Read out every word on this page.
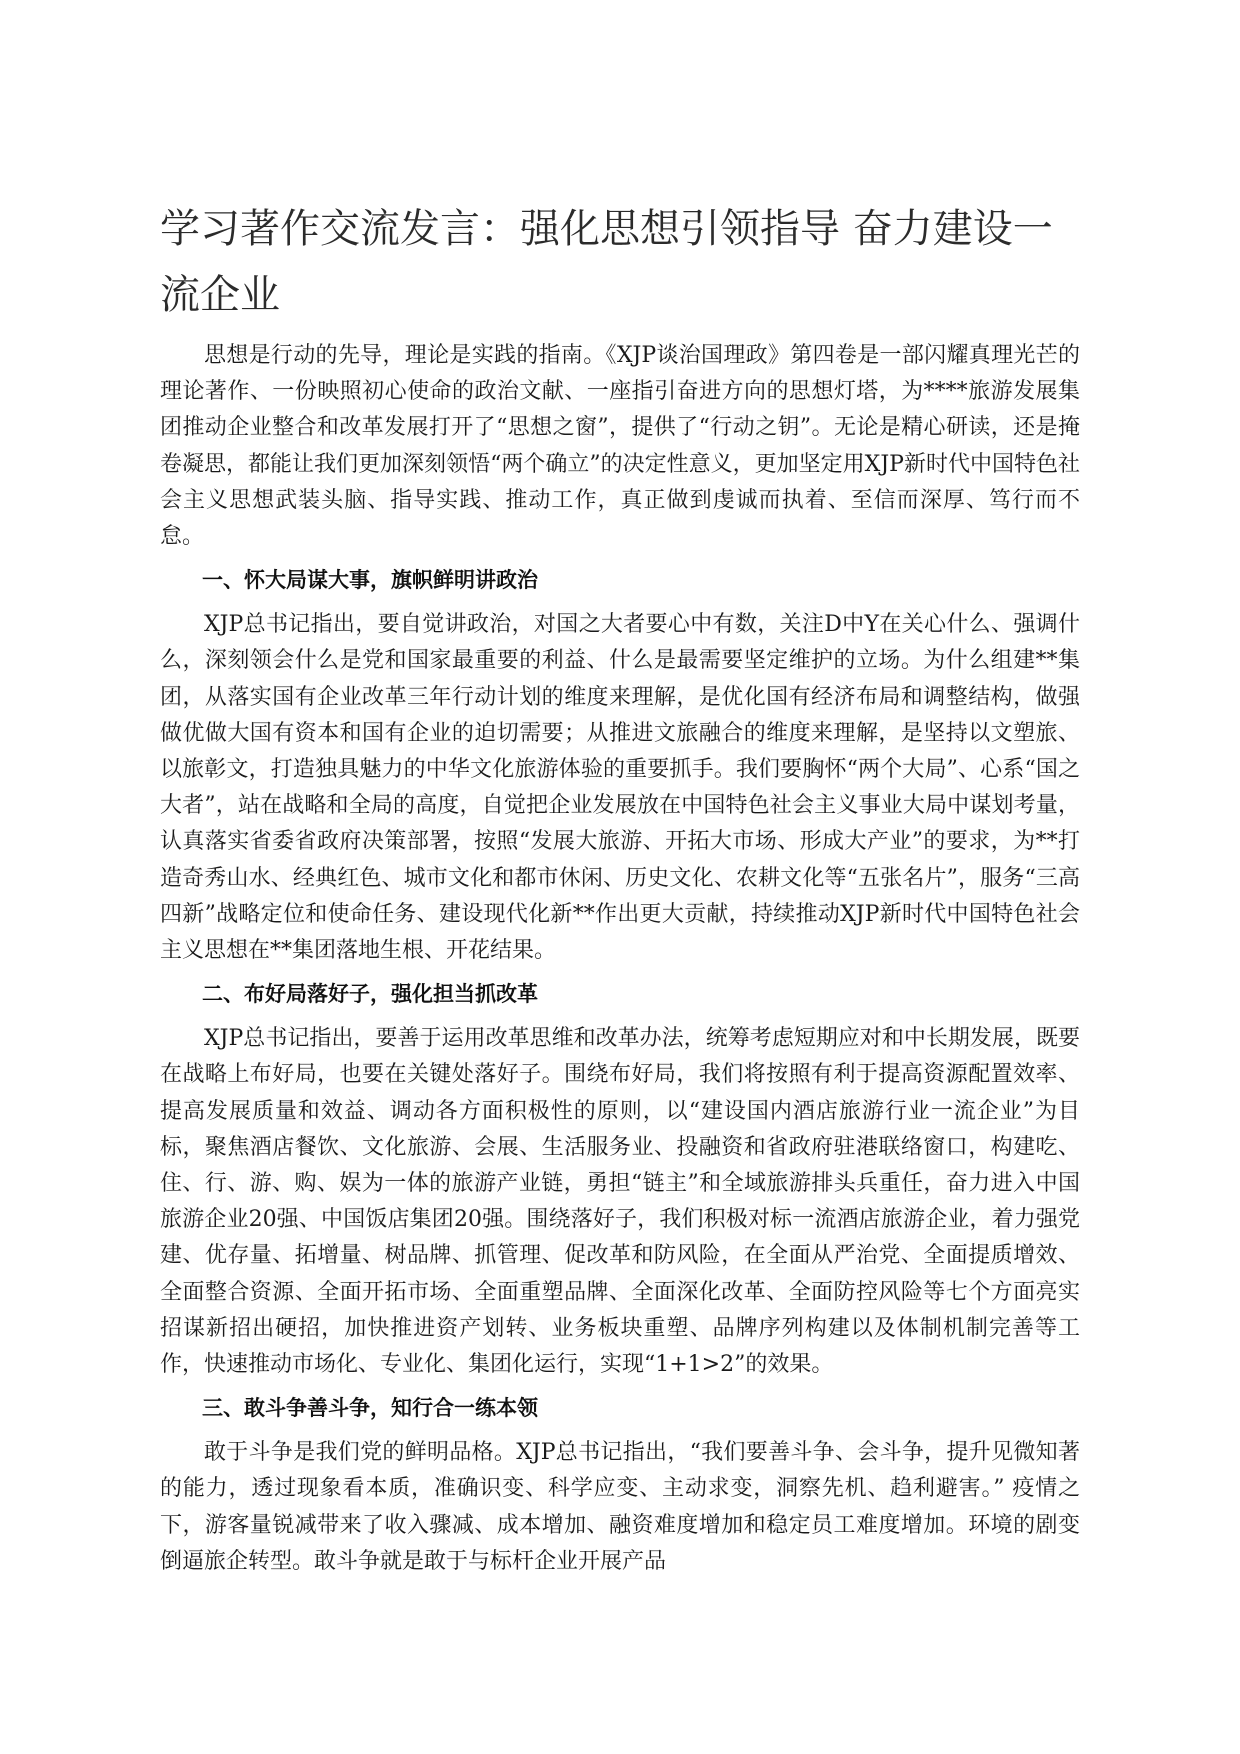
学习著作交流发言：强化思想引领指导 奋力建设一流企业

思想是行动的先导，理论是实践的指南。《XJP谈治国理政》第四卷是一部闪耀真理光芒的理论著作、一份映照初心使命的政治文献、一座指引奋进方向的思想灯塔，为****旅游发展集团推动企业整合和改革发展打开了“思想之窗”，提供了“行动之钥”。无论是精心研读，还是掩卷凝思，都能让我们更加深刻领悟“两个确立”的决定性意义，更加坚定用XJP新时代中国特色社会主义思想武装头脑、指导实践、推动工作，真正做到虔诚而执着、至信而深厚、笃行而不怠。

一、怀大局谋大事，旗帜鲜明讲政治

XJP总书记指出，要自觉讲政治，对国之大者要心中有数，关注D中Y在关心什么、强调什么，深刻领会什么是党和国家最重要的利益、什么是最需要坚定维护的立场。为什么组建**集团，从落实国有企业改革三年行动计划的维度来理解，是优化国有经济布局和调整结构，做强做优做大国有资本和国有企业的迫切需要；从推进文旅融合的维度来理解，是坚持以文塑旅、以旅彰文，打造独具魅力的中华文化旅游体验的重要抓手。我们要胸怀“两个大局”、心系“国之大者”，站在战略和全局的高度，自觉把企业发展放在中国特色社会主义事业大局中谋划考量，认真落实省委省政府决策部署，按照“发展大旅游、开拓大市场、形成大产业”的要求，为**打造奇秀山水、经典红色、城市文化和都市休闲、历史文化、农耕文化等“五张名片”，服务“三高四新”战略定位和使命任务、建设现代化新**作出更大贡献，持续推动XJP新时代中国特色社会主义思想在**集团落地生根、开花结果。

二、布好局落好子，强化担当抓改革

XJP总书记指出，要善于运用改革思维和改革办法，统筹考虑短期应对和中长期发展，既要在战略上布好局，也要在关键处落好子。围绕布好局，我们将按照有利于提高资源配置效率、提高发展质量和效益、调动各方面积极性的原则，以“建设国内酒店旅游行业一流企业”为目标，聚焦酒店餐饮、文化旅游、会展、生活服务业、投融资和省政府驻港联络窗口，构建吃、住、行、游、购、娱为一体的旅游产业链，勇担“链主”和全域旅游排头兵重任，奋力进入中国旅游企业20强、中国饭店集团20强。围绕落好子，我们积极对标一流酒店旅游企业，着力强党建、优存量、拓增量、树品牌、抓管理、促改革和防风险，在全面从严治党、全面提质增效、全面整合资源、全面开拓市场、全面重塑品牌、全面深化改革、全面防控风险等七个方面亮实招谋新招出硬招，加快推进资产划转、业务板块重塑、品牌序列构建以及体制机制完善等工作，快速推动市场化、专业化、集团化运行，实现“1+1>2”的效果。

三、敢斗争善斗争，知行合一练本领

敢于斗争是我们党的鲜明品格。XJP总书记指出，“我们要善斗争、会斗争，提升见微知著的能力，透过现象看本质，准确识变、科学应变、主动求变，洞察先机、趋利避害。” 疫情之下，游客量锐减带来了收入骤减、成本增加、融资难度增加和稳定员工难度增加。环境的剧变倒逼旅企转型。敢斗争就是敢于与标杆企业开展产品
